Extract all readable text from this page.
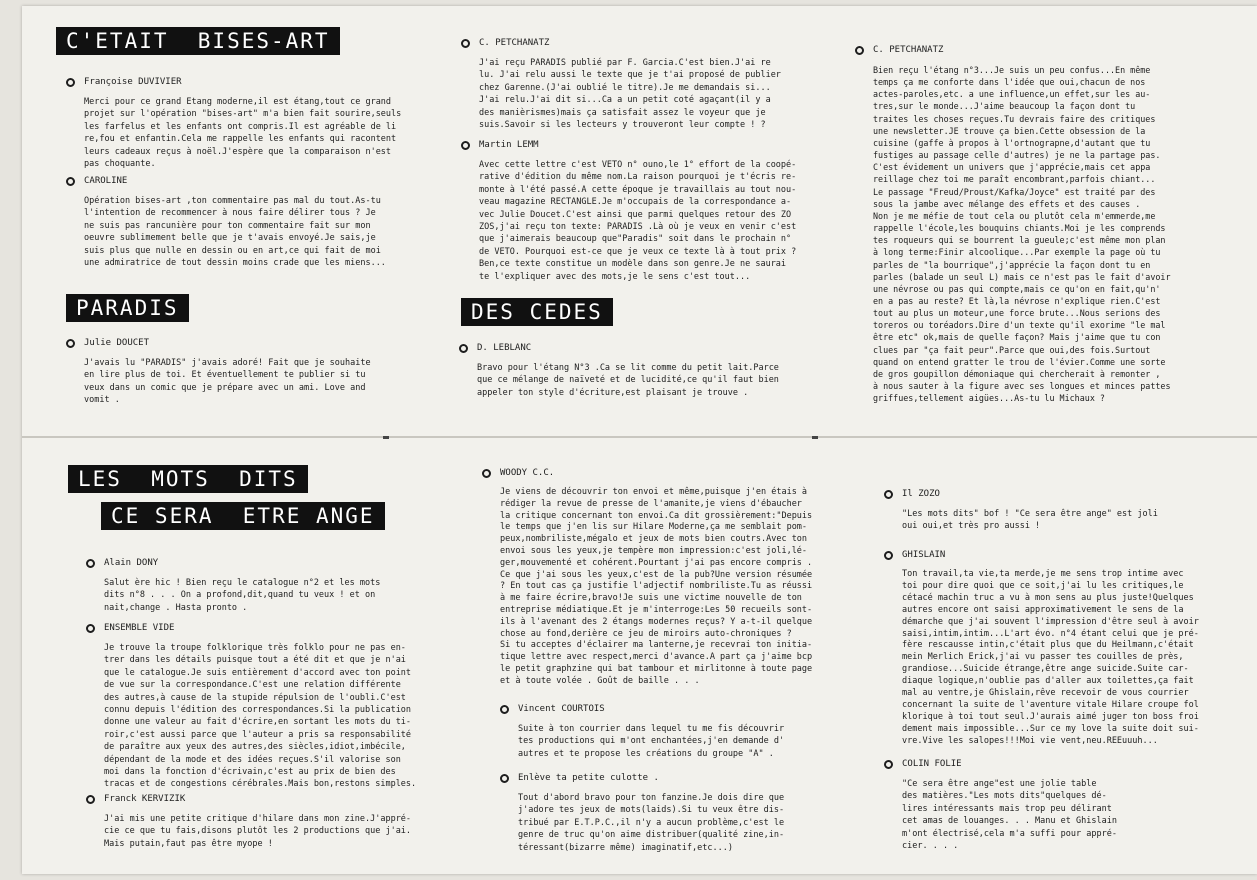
C'ETAIT  BISES-ART
PARADIS	DES CEDES
LES  MOTS  DITS
CE SERA  ETRE ANGE
Françoise DUVIVIER
Merci pour ce grand Etang moderne,il est étang,tout ce grand
projet sur l'opération "bises-art" m'a bien fait sourire,seuls
les farfelus et les enfants ont compris.Il est agréable de li
re,fou et enfantin.Cela me rappelle les enfants qui racontent
leurs cadeaux reçus à noël.J'espère que la comparaison n'est
pas choquante.
CAROLINE
Opération bises-art ,ton commentaire pas mal du tout.As-tu
l'intention de recommencer à nous faire délirer tous ? Je
ne suis pas rancunière pour ton commentaire fait sur mon
oeuvre sublimement belle que je t'avais envoyé.Je sais,je
suis plus que nulle en dessin ou en art,ce qui fait de moi
une admiratrice de tout dessin moins crade que les miens...
Julie DOUCET
J'avais lu "PARADIS" j'avais adoré! Fait que je souhaite
en lire plus de toi. Et éventuellement te publier si tu
veux dans un comic que je prépare avec un ami. Love and
vomit .
C. PETCHANATZ
J'ai reçu PARADIS publié par F. Garcia.C'est bien.J'ai re
lu. J'ai relu aussi le texte que je t'ai proposé de publier
chez Garenne.(J'ai oublié le titre).Je me demandais si...
J'ai relu.J'ai dit si...Ca a un petit coté agaçant(il y a
des manièrismes)mais ça satisfait assez le voyeur que je
suis.Savoir si les lecteurs y trouveront leur compte ! ?
Martin LEMM
Avec cette lettre c'est VETO n° ouno,le 1° effort de la coopé-
rative d'édition du même nom.La raison pourquoi je t'écris re-
monte à l'été passé.A cette époque je travaillais au tout nou-
veau magazine RECTANGLE.Je m'occupais de la correspondance a-
vec Julie Doucet.C'est ainsi que parmi quelques retour des ZO
ZOS,j'ai reçu ton texte: PARADIS .Là où je veux en venir c'est
que j'aimerais beaucoup que"Paradis" soit dans le prochain n°
de VETO. Pourquoi est-ce que je veux ce texte là à tout prix ?
Ben,ce texte constitue un modèle dans son genre.Je ne saurai
te l'expliquer avec des mots,je le sens c'est tout...
D. LEBLANC
Bravo pour l'étang N°3 .Ca se lit comme du petit lait.Parce
que ce mélange de naïveté et de lucidité,ce qu'il faut bien
appeler ton style d'écriture,est plaisant je trouve .
C. PETCHANATZ
Bien reçu l'étang n°3...Je suis un peu confus...En même
temps ça me conforte dans l'idée que oui,chacun de nos
actes-paroles,etc. a une influence,un effet,sur les au-
tres,sur le monde...J'aime beaucoup la façon dont tu
traites les choses reçues.Tu devrais faire des critiques
une newsletter.JE trouve ça bien.Cette obsession de la
cuisine (gaffe à propos à l'ortnograpne,d'autant que tu
fustiges au passage celle d'autres) je ne la partage pas.
C'est évidement un univers que j'apprécie,mais cet appa
reillage chez toi me paraît encombrant,parfois chiant...
Le passage "Freud/Proust/Kafka/Joyce" est traité par des
sous la jambe avec mélange des effets et des causes .
Non je me méfie de tout cela ou plutôt cela m'emmerde,me
rappelle l'école,les bouquins chiants.Moi je les comprends
tes roqueurs qui se bourrent la gueule;c'est même mon plan
à long terme:Finir alcoolique...Par exemple la page où tu
parles de "la bourrique",j'apprécie la façon dont tu en
parles (balade un seul L) mais ce n'est pas le fait d'avoir
une névrose ou pas qui compte,mais ce qu'on en fait,qu'n'
en a pas au reste? Et là,la névrose n'explique rien.C'est
tout au plus un moteur,une force brute...Nous serions des
toreros ou toréadors.Dire d'un texte qu'il exorime "le mal
être etc" ok,mais de quelle façon? Mais j'aime que tu con
clues par "ça fait peur".Parce que oui,des fois.Surtout
quand on entend gratter le trou de l'évier.Comme une sorte
de gros goupillon démoniaque qui chercherait à remonter ,
à nous sauter à la figure avec ses longues et minces pattes
griffues,tellement aigües...As-tu lu Michaux ?
Alain DONY
Salut ère hic ! Bien reçu le catalogue n°2 et les mots
dits n°8 . . . On a profond,dit,quand tu veux ! et on
nait,change . Hasta pronto .
ENSEMBLE VIDE
Je trouve la troupe folklorique très folklo pour ne pas en-
trer dans les détails puisque tout a été dit et que je n'ai
que le catalogue.Je suis entièrement d'accord avec ton point
de vue sur la correspondance.C'est une relation différente
des autres,à cause de la stupide répulsion de l'oubli.C'est
connu depuis l'édition des correspondances.Si la publication
donne une valeur au fait d'écrire,en sortant les mots du ti-
roir,c'est aussi parce que l'auteur a pris sa responsabilité
de paraître aux yeux des autres,des siècles,idiot,imbécile,
dépendant de la mode et des idées reçues.S'il valorise son
moi dans la fonction d'écrivain,c'est au prix de bien des
tracas et de congestions cérébrales.Mais bon,restons simples.
Franck KERVIZIK
J'ai mis une petite critique d'hilare dans mon zine.J'appré-
cie ce que tu fais,disons plutôt les 2 productions que j'ai.
Mais putain,faut pas être myope !
WOODY C.C.
Je viens de découvrir ton envoi et même,puisque j'en étais à
rédiger la revue de presse de l'amanite,je viens d'ébaucher
la critique concernant ton envoi.Ca dit grossièrement:"Depuis
le temps que j'en lis sur Hilare Moderne,ça me semblait pom-
peux,nombriliste,mégalo et jeux de mots bien coutrs.Avec ton
envoi sous les yeux,je tempère mon impression:c'est joli,lé-
ger,mouvementé et cohérent.Pourtant j'ai pas encore compris .
Ce que j'ai sous les yeux,c'est de la pub?Une version résumée
? En tout cas ça justifie l'adjectif nombriliste.Tu as réussi
à me faire écrire,bravo!Je suis une victime nouvelle de ton
entreprise médiatique.Et je m'interroge:Les 50 recueils sont-
ils à l'avenant des 2 étangs modernes reçus? Y a-t-il quelque
chose au fond,derière ce jeu de miroirs auto-chroniques ?
Si tu acceptes d'éclairer ma lanterne,je recevrai ton initia-
tique lettre avec respect,merci d'avance.A part ça j'aime bcp
le petit graphzine qui bat tambour et mirlitonne à toute page
et à toute volée . Goût de baille . . .
Vincent COURTOIS
Suite à ton courrier dans lequel tu me fis découvrir
tes productions qui m'ont enchantées,j'en demande d'
autres et te propose les créations du groupe "A" .
Enlève ta petite culotte .
Tout d'abord bravo pour ton fanzine.Je dois dire que
j'adore tes jeux de mots(laids).Si tu veux être dis-
tribué par E.T.P.C.,il n'y a aucun problème,c'est le
genre de truc qu'on aime distribuer(qualité zine,in-
téressant(bizarre même) imaginatif,etc...)
Il ZOZO
"Les mots dits" bof ! "Ce sera être ange" est joli
oui oui,et très pro aussi !
GHISLAIN
Ton travail,ta vie,ta merde,je me sens trop intime avec
toi pour dire quoi que ce soit,j'ai lu les critiques,le
cétacé machin truc a vu à mon sens au plus juste!Quelques
autres encore ont saisi approximativement le sens de la
démarche que j'ai souvent l'impression d'être seul à avoir
saisi,intim,intim...L'art évo. n°4 étant celui que je pré-
fère rescausse intin,c'était plus que du Heilmann,c'était
mein Merlich Erick,j'ai vu passer tes couilles de près,
grandiose...Suicide étrange,être ange suicide.Suite car-
diaque logique,n'oublie pas d'aller aux toilettes,ça fait
mal au ventre,je Ghislain,rêve recevoir de vous courrier
concernant la suite de l'aventure vitale Hilare croupe fol
klorique à toi tout seul.J'aurais aimé juger ton boss froi
dement mais impossible...Sur ce my love la suite doit sui-
vre.Vive les salopes!!!Moi vie vent,neu.REEuuuh...
COLIN FOLIE
"Ce sera être ange"est une jolie table
des matières."Les mots dits"quelques dé-
lires intéressants mais trop peu délirant
cet amas de louanges. . . Manu et Ghislain
m'ont électrisé,cela m'a suffi pour appré-
cier. . . .
